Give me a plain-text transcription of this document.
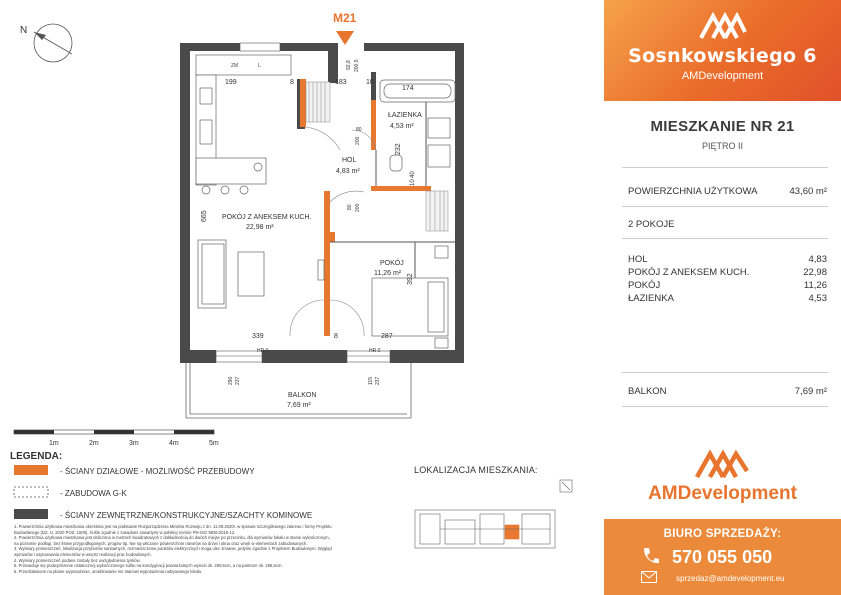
N
M21
ZM	L
199	8	183	10
174
92,8 200,5
80
200
232
10
40
80 200
665
392
339	8	287
HR 0	HR 0
290 237	115 237
ŁAZIENKA
4,53 m²
HOL
4,83 m²
POKÓJ Z ANEKSEM KUCH.
22,98 m²
POKÓJ
11,26 m²
BALKON
7,69 m²
1m	2m	3m	4m	5m
LEGENDA:
- ŚCIANY DZIAŁOWE - MOŻLIWOŚĆ PRZEBUDOWY
- ZABUDOWA G-K
- ŚCIANY ZEWNĘTRZNE/KONSTRUKCYJNE/SZACHTY KOMINOWE
LOKALIZACJA MIESZKANIA:

1. Powierzchnia użytkowa mieszkania określona jest na podstawie Rozporządzenia Ministra Rozwoju z dn. 11.09.2020r. w sprawie szczegółowego zakresu i formy Projektu

Budowlanego (DZ. U. 2020 POZ. 1609), ściśle zgodnie z zasadami zawartymi w polskiej normie PN-ISO 9836:2015-12.

2. Powierzchnia użytkowa mieszkania jest obliczona w metrach kwadratowych z dokładnością do dwóch miejsc po przecinku, dla wymiarów lokalu w stanie wykończonym,

na poziomie podłogi, bez listew przypodłogowych, progów itp. Nie są wliczane powierzchnie otworów na drzwi i okna oraz wnęk w elementach zabudowanych.

3. Wymiary pomieszczeń, lokalizacja przyborów sanitarnych, rozmieszczenie punktów elektrycznych mogą ulec zmianie, jedynie zgodnie z Projektem Budowlanym. Wygląd

wymiarów i usytuowania elementów w wnętrz realizacji prac budowlanych.

4. Wymiary pomieszczeń podane zostały bez uwzględnienia tynków.

5. Przewiduje się podwyższenie ostatecznej wykończonego sufitu na kondygnacji powtarzalnych wynosi ok. 259,5cm, a na parterze ok. 268,5cm.

6. Przedstawione na planie wyposażenie, umeblowanie nie stanowi wyposażenia nabywanego lokalu.

Sosnkowskiego 6
AMDevelopment
MIESZKANIE NR 21
PIĘTRO II
POWIERZCHNIA UŻYTKOWA	43,60 m²
2 POKOJE
HOL	4,83
POKÓJ Z ANEKSEM KUCH.	22,98
POKÓJ	11,26
ŁAZIENKA	4,53
BALKON	7,69 m²
AMDevelopment
BIURO SPRZEDAŻY:
570 055 050
sprzedaz@amdevelopment.eu
